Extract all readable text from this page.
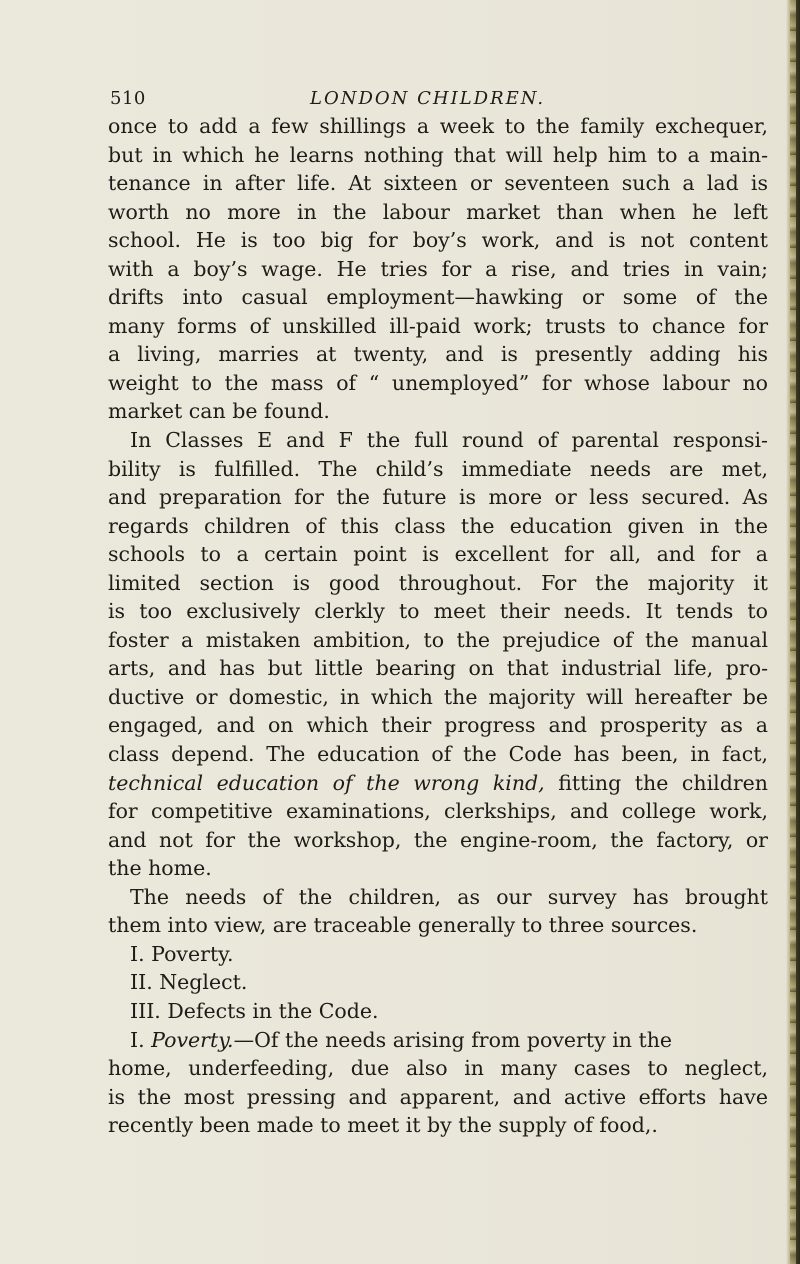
510	LONDON CHILDREN.
once to add a few shillings a week to the family exchequer,
but in which he learns nothing that will help him to a main-
tenance in after life. At sixteen or seventeen such a lad is
worth no more in the labour market than when he left
school. He is too big for boy’s work, and is not content
with a boy’s wage. He tries for a rise, and tries in vain;
drifts into casual employment—hawking or some of the
many forms of unskilled ill-paid work; trusts to chance for
a living, marries at twenty, and is presently adding his
weight to the mass of “ unemployed” for whose labour no
market can be found.
In Classes E and F the full round of parental responsi-
bility is fulfilled. The child’s immediate needs are met,
and preparation for the future is more or less secured. As
regards children of this class the education given in the
schools to a certain point is excellent for all, and for a
limited section is good throughout. For the majority it
is too exclusively clerkly to meet their needs. It tends to
foster a mistaken ambition, to the prejudice of the manual
arts, and has but little bearing on that industrial life, pro-
ductive or domestic, in which the majority will hereafter be
engaged, and on which their progress and prosperity as a
class depend. The education of the Code has been, in fact,
technical education of the wrong kind, fitting the children
for competitive examinations, clerkships, and college work,
and not for the workshop, the engine-room, the factory, or
the home.
The needs of the children, as our survey has brought
them into view, are traceable generally to three sources.
I. Poverty.
II. Neglect.
III. Defects in the Code.
I. Poverty.—Of the needs arising from poverty in the
home, underfeeding, due also in many cases to neglect,
is the most pressing and apparent, and active efforts have
recently been made to meet it by the supply of food,.
